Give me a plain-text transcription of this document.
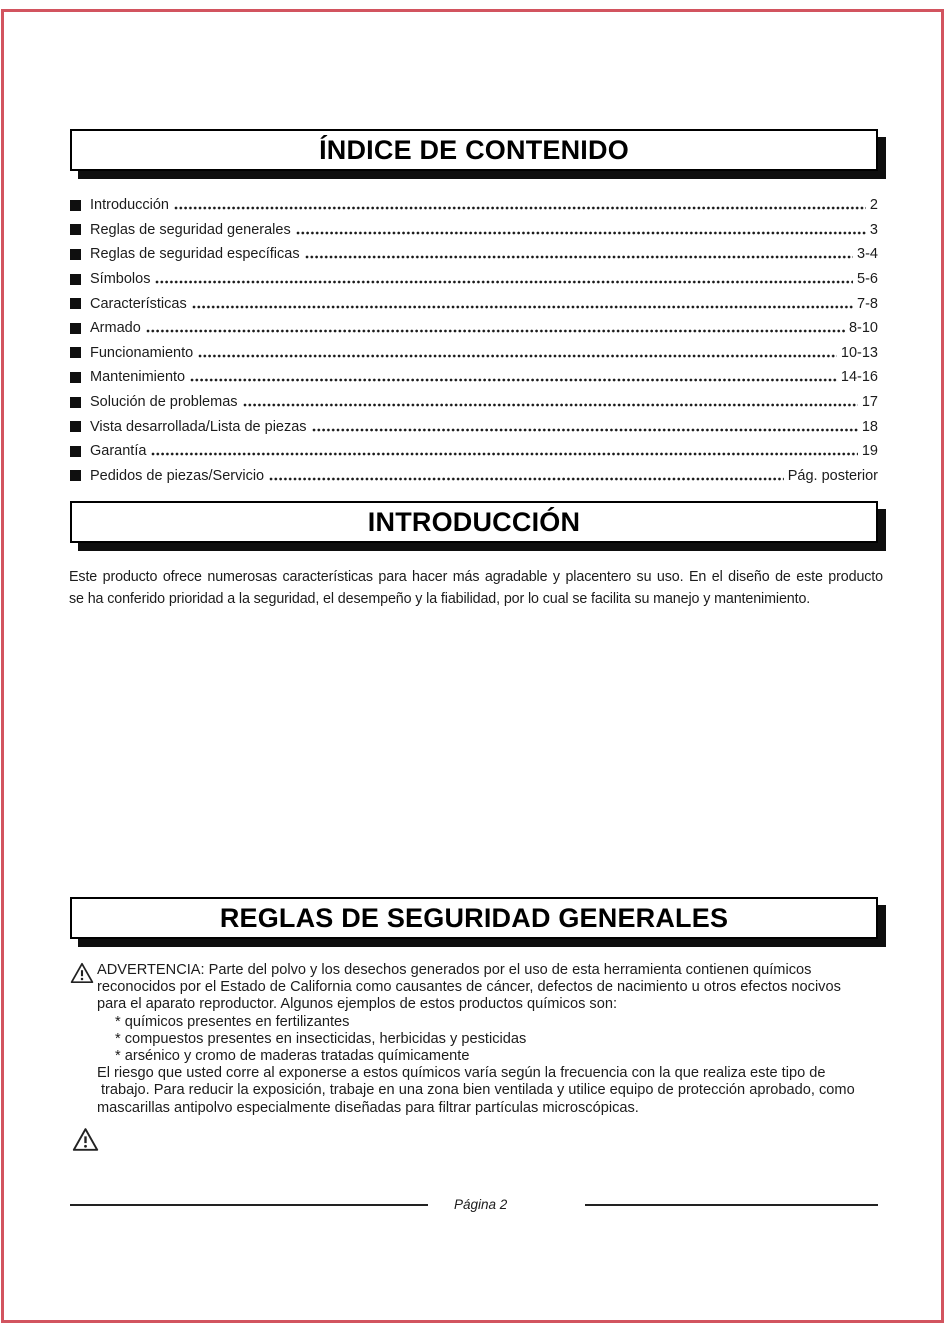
ÍNDICE DE CONTENIDO
Introducción	2
Reglas de seguridad generales	3
Reglas de seguridad específicas	3-4
Símbolos	5-6
Características	7-8
Armado	8-10
Funcionamiento	10-13
Mantenimiento	14-16
Solución de problemas	17
Vista desarrollada/Lista de piezas	18
Garantía	19
Pedidos de piezas/Servicio	Pág. posterior
INTRODUCCIÓN
Este producto ofrece numerosas características para hacer más agradable y placentero su uso. En el diseño de este producto
se ha conferido prioridad a la seguridad, el desempeño y la fiabilidad, por lo cual se facilita su manejo y mantenimiento.
REGLAS DE SEGURIDAD GENERALES
ADVERTENCIA: Parte del polvo y los desechos generados por el uso de esta herramienta contienen químicos
reconocidos por el Estado de California como causantes de cáncer, defectos de nacimiento u otros efectos nocivos
para el aparato reproductor. Algunos ejemplos de estos productos químicos son:
* químicos presentes en fertilizantes
* compuestos presentes en insecticidas, herbicidas y pesticidas
* arsénico y cromo de maderas tratadas químicamente
El riesgo que usted corre al exponerse a estos químicos varía según la frecuencia con la que realiza este tipo de
trabajo. Para reducir la exposición, trabaje en una zona bien ventilada y utilice equipo de protección aprobado, como
mascarillas antipolvo especialmente diseñadas para filtrar partículas microscópicas.
Página 2
